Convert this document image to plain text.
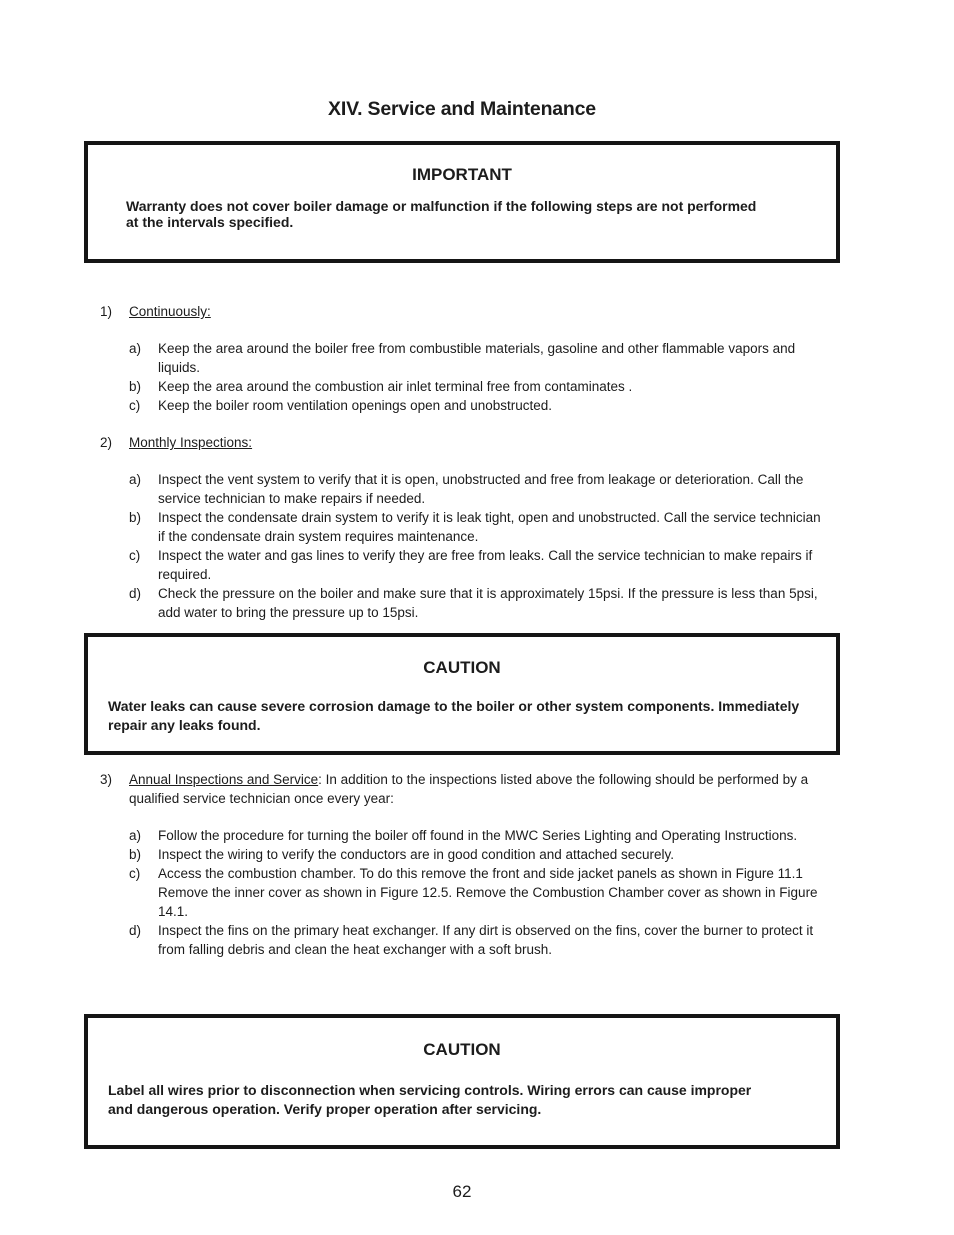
XIV. Service and Maintenance
IMPORTANT
Warranty does not cover boiler damage or malfunction if the following steps are not performed at the intervals specified.
1)	Continuously:
a)	Keep the area around the boiler free from combustible materials, gasoline and other flammable vapors and liquids.
b)	Keep the area around the combustion air inlet terminal free from contaminates .
c)	Keep the boiler room ventilation openings open and unobstructed.
2)	Monthly Inspections:
a)	Inspect the vent system to verify that it is open, unobstructed and free from leakage or deterioration. Call the service technician to make repairs if needed.
b)	Inspect the condensate drain system to verify it is leak tight, open and unobstructed. Call the service technician if the condensate drain system requires maintenance.
c)	Inspect the water and gas lines to verify they are free from leaks. Call the service technician to make repairs if required.
d)	Check the pressure on the boiler and make sure that it is approximately 15psi. If the pressure is less than 5psi, add water to bring the pressure up to 15psi.
CAUTION
Water leaks can cause severe corrosion damage to the boiler or other system components. Immediately repair any leaks found.
3)	Annual Inspections and Service: In addition to the inspections listed above the following should be performed by a qualified service technician once every year:
a)	Follow the procedure for turning the boiler off found in the MWC Series Lighting and Operating Instructions.
b)	Inspect the wiring to verify the conductors are in good condition and attached securely.
c)	Access the combustion chamber. To do this remove the front and side jacket panels as shown in Figure 11.1 Remove the inner cover as shown in Figure 12.5. Remove the Combustion Chamber cover as shown in Figure 14.1.
d)	Inspect the fins on the primary heat exchanger. If any dirt is observed on the fins, cover the burner to protect it from falling debris and clean the heat exchanger with a soft brush.
CAUTION
Label all wires prior to disconnection when servicing controls. Wiring errors can cause improper and dangerous operation. Verify proper operation after servicing.
62
